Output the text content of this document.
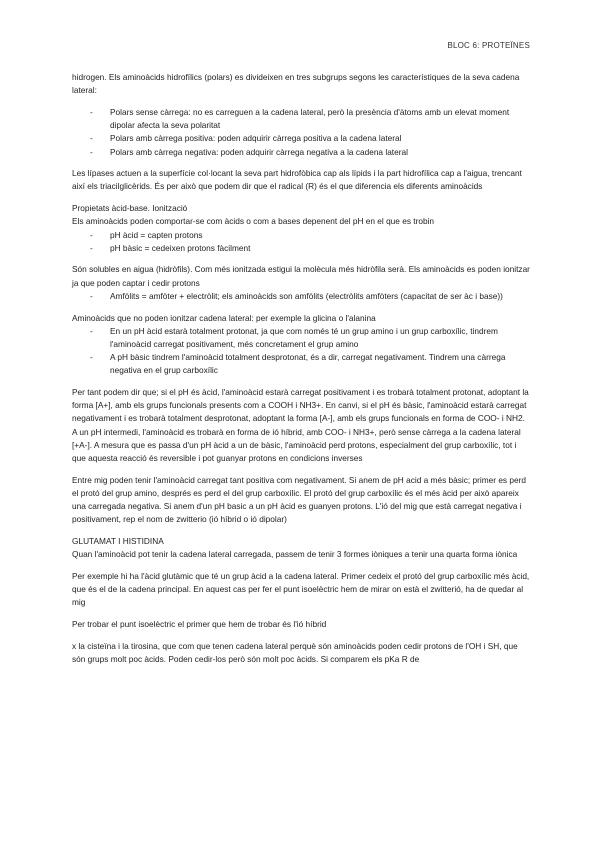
BLOC 6: PROTEÏNES

hidrogen. Els aminoàcids hidrofílics (polars) es divideixen en tres subgrups segons les característiques de la seva cadena lateral:

- Polars sense càrrega: no es carreguen a la cadena lateral, però la presència d'àtoms amb un elevat moment dipolar afecta la seva polaritat
- Polars amb càrrega positiva: poden adquirir càrrega positiva a la cadena lateral
- Polars amb càrrega negativa: poden adquirir càrrega negativa a la cadena lateral

Les lípases actuen a la superfície col·locant la seva part hidrofòbica cap als lípids i la part hidrofílica cap a l'aigua, trencant així els triacilglicèrids. És per això que podem dir que el radical (R) és el que diferencia els diferents aminoàcids

Propietats àcid-base. Ionització

Els aminoàcids poden comportar-se com àcids o com a bases depenent del pH en el que es trobin

- pH àcid = capten protons
- pH bàsic = cedeixen protons fàcilment

Són solubles en aigua (hidròfils). Com més ionitzada estigui la molècula més hidròfila serà. Els aminoàcids es poden ionitzar ja que poden captar i cedir protons

- Amfòlits = amfòter + electròlit; els aminoàcids son amfòlits (electròlits amfòters (capacitat de ser àc i base))

Aminoàcids que no poden ionitzar cadena lateral: per exemple la glicina o l'alanina

- En un pH àcid estarà totalment protonat, ja que com només té un grup amino i un grup carboxílic, tindrem l'aminoàcid carregat positivament, més concretament el grup amino
- A pH bàsic tindrem l'aminoàcid totalment desprotonat, és a dir, carregat negativament. Tindrem una càrrega negativa en el grup carboxílic

Per tant podem dir que; si el pH és àcid, l'aminoàcid estarà carregat positivament i es trobarà totalment protonat, adoptant la forma [A+], amb els grups funcionals presents com a COOH i NH3+. En canvi, si el pH és bàsic, l'aminoàcid estarà carregat negativament i es trobarà totalment desprotonat, adoptant la forma [A-], amb els grups funcionals en forma de COO- i NH2. A un pH intermedi, l'aminoàcid es trobarà en forma de ió híbrid, amb COO- i NH3+, però sense càrrega a la cadena lateral [+A-]. A mesura que es passa d'un pH àcid a un de bàsic, l'aminoàcid perd protons, especialment del grup carboxílic, tot i que aquesta reacció és reversible i pot guanyar protons en condicions inverses

Entre mig poden tenir l'aminoàcid carregat tant positiva com negativament. Si anem de pH acid a més bàsic; primer es perd el protó del grup amino, després es perd el del grup carboxílic. El protó del grup carboxílic és el més àcid per això apareix una carregada negativa. Si anem d'un pH basic a un pH àcid es guanyen protons. L'ió del mig que està carregat negativa i positivament, rep el nom de zwitterio (ió híbrid o ió dipolar)

GLUTAMAT I HISTIDINA

Quan l'aminoàcid pot tenir la cadena lateral carregada, passem de tenir 3 formes iòniques a tenir una quarta forma iònica

Per exemple hi ha l'àcid glutàmic que té un grup àcid a la cadena lateral. Primer cedeix el protó del grup carboxílic més àcid, que és el de la cadena principal. En aquest cas per fer el punt isoelèctric hem de mirar on està el zwitterió, ha de quedar al mig

Per trobar el punt isoelèctric el primer que hem de trobar és l'ió híbrid

x la cisteïna i la tirosina, que com que tenen cadena lateral perquè són aminoàcids poden cedir protons de l'OH i SH, que són grups molt poc àcids. Poden cedir-los però són molt poc àcids. Si comparem els pKa R de
